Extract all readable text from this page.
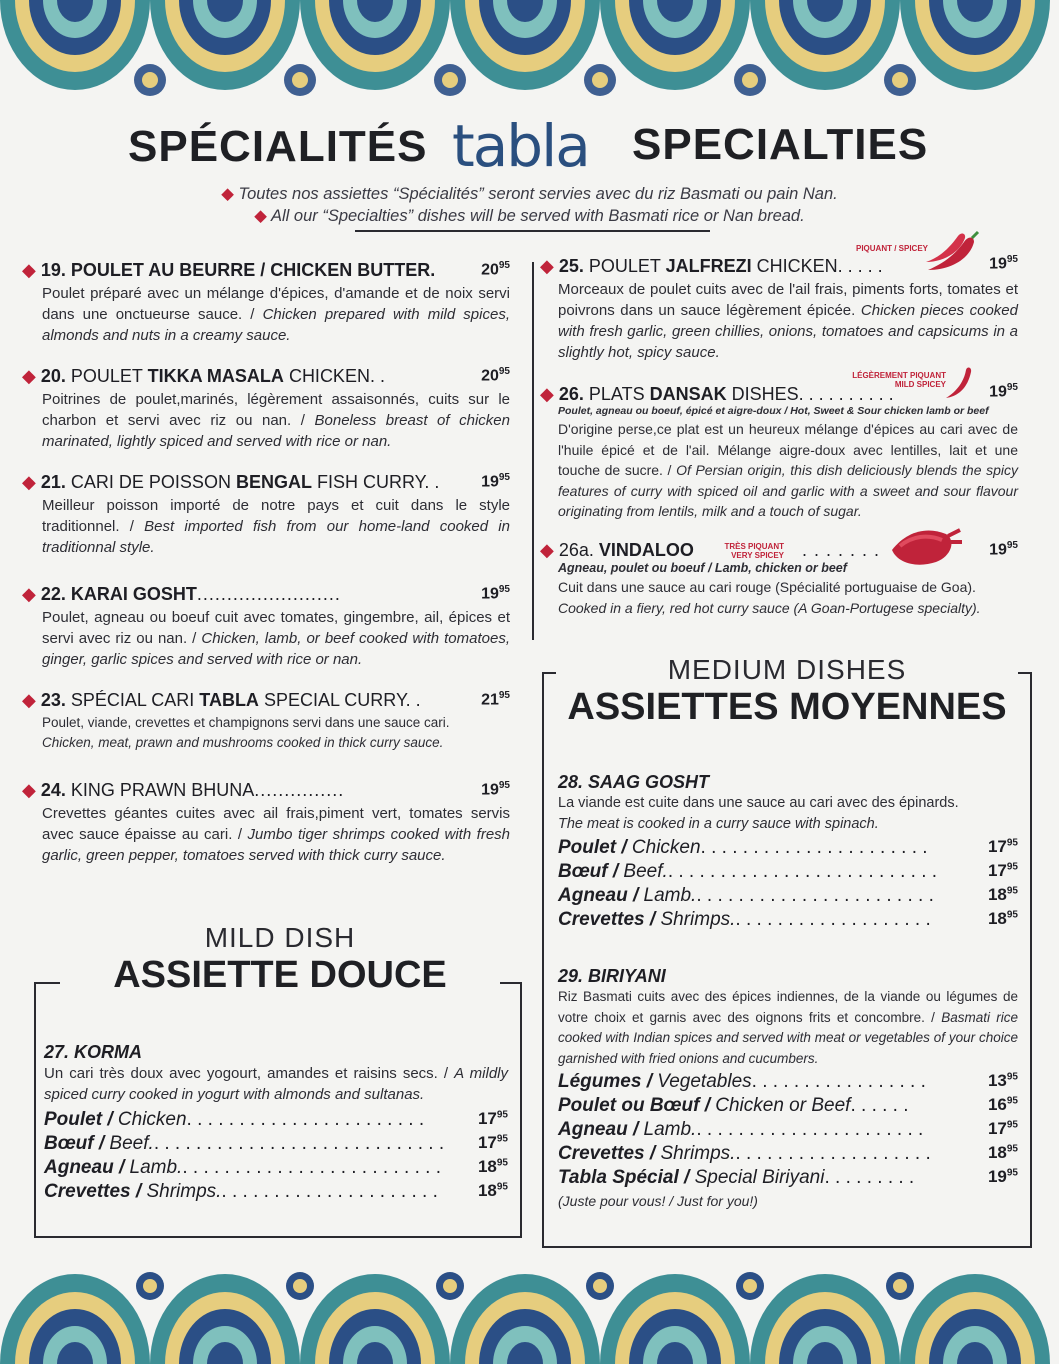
SPÉCIALITÉS tabla SPECIALTIES
◆ Toutes nos assiettes “Spécialités” seront servies avec du riz Basmati ou pain Nan.
◆ All our “Specialties” dishes will be served with Basmati rice or Nan bread.
◆ 19. POULET AU BEURRE / CHICKEN BUTTER.	$20^{95}$
Poulet préparé avec un mélange d'épices, d'amande et de noix servi dans une onctueurse sauce. / Chicken prepared with mild spices, almonds and nuts in a creamy sauce.
◆ 20. POULET TIKKA MASALA CHICKEN. .	$20^{95}$
Poitrines de poulet,marinés, légèrement assaisonnés, cuits sur le charbon et servi avec riz ou nan. / Boneless breast of chicken marinated, lightly spiced and served with rice or nan.
◆ 21. CARI DE POISSON BENGAL FISH CURRY. .	$19^{95}$
Meilleur poisson importé de notre pays et cuit dans le style traditionnel. / Best imported fish from our home-land cooked in traditionnal style.
◆ 22. KARAI GOSHT........................	$19^{95}$
Poulet, agneau ou boeuf cuit avec tomates, gingembre, ail, épices et servi avec riz ou nan. / Chicken, lamb, or beef cooked with tomatoes, ginger, garlic spices and served with rice or nan.
◆ 23. SPÉCIAL CARI TABLA SPECIAL CURRY. .	$21^{95}$
Poulet, viande, crevettes et champignons servi dans une sauce cari.
Chicken, meat, prawn and mushrooms cooked in thick curry sauce.
◆ 24. KING PRAWN BHUNA...............	$19^{95}$
Crevettes géantes cuites avec ail frais,piment vert, tomates servis avec sauce épaisse au cari. / Jumbo tiger shrimps cooked with fresh garlic, green pepper, tomatoes served with thick curry sauce.
MILD DISH
ASSIETTE DOUCE
27. KORMA
Un cari très doux avec yogourt, amandes et raisins secs. / A mildly spiced curry cooked in yogurt with almonds and sultanas.
Poulet / Chicken. . . . . . . . . . . . . . . . . . . . . . .	$17^{95}$
Bœuf / Beef.. . . . . . . . . . . . . . . . . . . . . . . . . . . . $17^{95}$
Agneau / Lamb.. . . . . . . . . . . . . . . . . . . . . . . . . $18^{95}$
Crevettes / Shrimps.. . . . . . . . . . . . . . . . . . . . . $18^{95}$
◆ 25. POULET JALFREZI CHICKEN. . . . .
PIQUANT / SPICEY
$19^{95}$
Morceaux de poulet cuits avec de l'ail frais, piments forts, tomates et poivrons dans un sauce légèrement épicée. Chicken pieces cooked with fresh garlic, green chillies, onions, tomatoes and capsicums in a slightly hot, spicy sauce.
◆ 26. PLATS DANSAK DISHES. . . . . . . . . .
LÉGÈREMENT PIQUANT MILD SPICEY	$19^{95}$
Poulet, agneau ou boeuf, épicé et aigre-doux / Hot, Sweet & Sour chicken lamb or beef
D'origine perse,ce plat est un heureux mélange d'épices au cari avec de l'huile épicé et de l'ail. Mélange aigre-doux avec lentilles, lait et une touche de sucre. / Of Persian origin, this dish deliciously blends the spicy features of curry with spiced oil and garlic with a sweet and sour flavour originating from lentils, milk and a touch of sugar.
◆ 26a. VINDALOO	TRÈS PIQUANT VERY SPICEY . . . . . . .	$19^{95}$
Agneau, poulet ou boeuf / Lamb, chicken or beef
Cuit dans une sauce au cari rouge (Spécialité portuguaise de Goa).
Cooked in a fiery, red hot curry sauce (A Goan-Portugese specialty).
MEDIUM DISHES
ASSIETTES MOYENNES
28. SAAG GOSHT
La viande est cuite dans une sauce au cari avec des épinards.
The meat is cooked in a curry sauce with spinach.
Poulet / Chicken. . . . . . . . . . . . . . . . . . . . . .	$17^{95}$
Bœuf / Beef.. . . . . . . . . . . . . . . . . . . . . . . . . .	$17^{95}$
Agneau / Lamb.. . . . . . . . . . . . . . . . . . . . . . .	$18^{95}$
Crevettes / Shrimps.. . . . . . . . . . . . . . . . . . .	$18^{95}$
29. BIRIYANI
Riz Basmati cuits avec des épices indiennes, de la viande ou légumes de votre choix et garnis avec des oignons frits et concombre. / Basmati rice cooked with Indian spices and served with meat or vegetables of your choice garnished with fried onions and cucumbers.
Légumes / Vegetables. . . . . . . . . . . . . . . . .	$13^{95}$
Poulet ou Bœuf / Chicken or Beef. . . . . .	$16^{95}$
Agneau / Lamb.. . . . . . . . . . . . . . . . . . . . . .	$17^{95}$
Crevettes / Shrimps.. . . . . . . . . . . . . . . . . . .	$18^{95}$
Tabla Spécial / Special Biriyani. . . . . . . . .	$19^{95}$
(Juste pour vous! / Just for you!)
